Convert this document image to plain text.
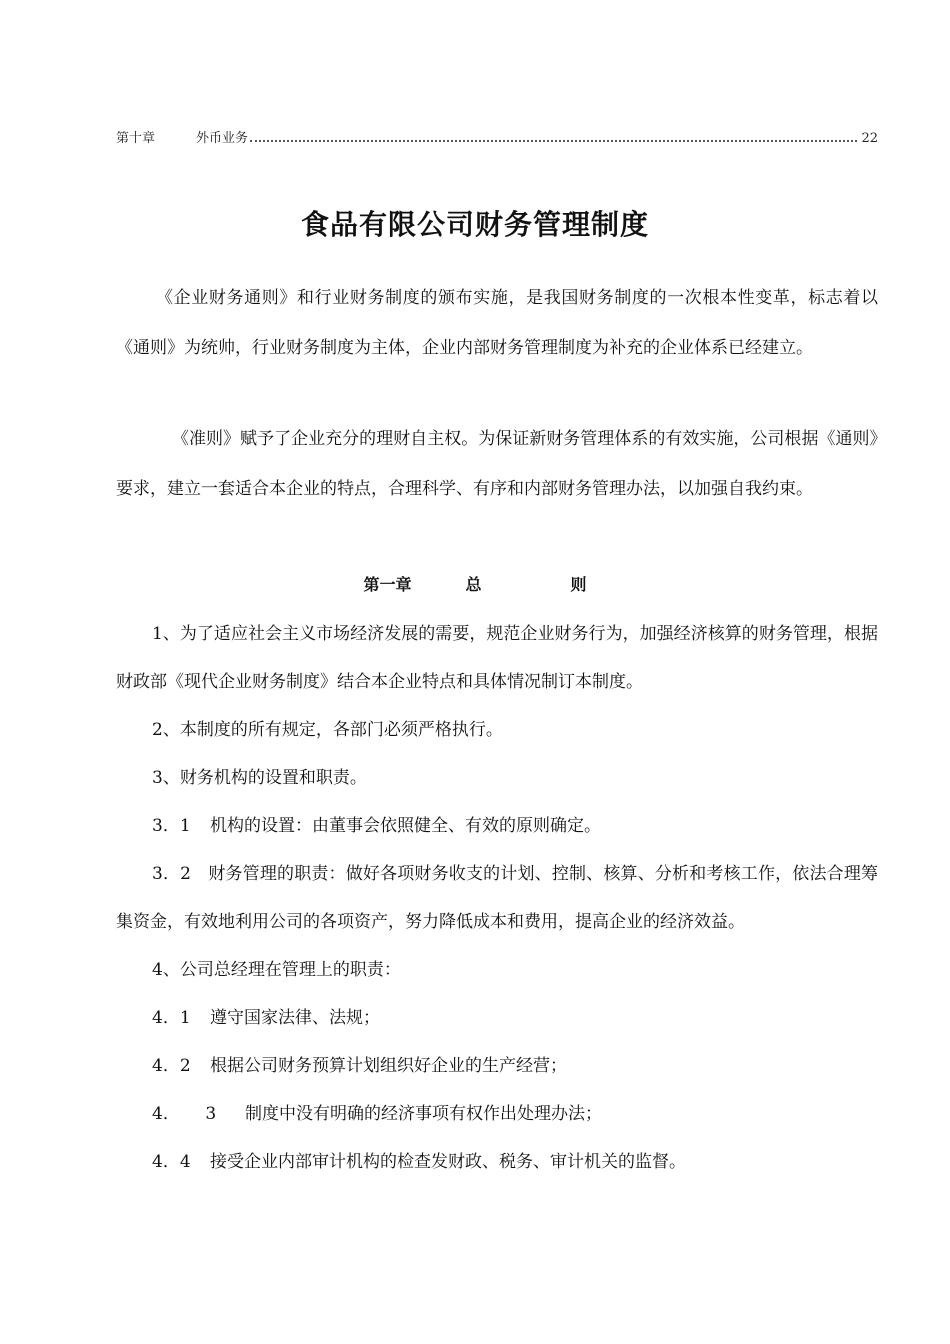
第十章	外币业务	22
食品有限公司财务管理制度

《企业财务通则》和行业财务制度的颁布实施，是我国财务制度的一次根本性变革，标志着以《通则》为统帅，行业财务制度为主体，企业内部财务管理制度为补充的企业体系已经建立。

《准则》赋予了企业充分的理财自主权。为保证新财务管理体系的有效实施，公司根据《通则》要求，建立一套适合本企业的特点，合理科学、有序和内部财务管理办法，以加强自我约束。

第一章	总	则

1、为了适应社会主义市场经济发展的需要，规范企业财务行为，加强经济核算的财务管理，根据财政部《现代企业财务制度》结合本企业特点和具体情况制订本制度。

2、本制度的所有规定，各部门必须严格执行。

3、财务机构的设置和职责。

3．1 机构的设置：由董事会依照健全、有效的原则确定。

3．2　财务管理的职责：做好各项财务收支的计划、控制、核算、分析和考核工作，依法合理筹集资金，有效地利用公司的各项资产，努力降低成本和费用，提高企业的经济效益。

4、公司总经理在管理上的职责：

4．1 遵守国家法律、法规；

4．2 根据公司财务预算计划组织好企业的生产经营；

4．　　3 制度中没有明确的经济事项有权作出处理办法；

4．4 接受企业内部审计机构的检查发财政、税务、审计机关的监督。
